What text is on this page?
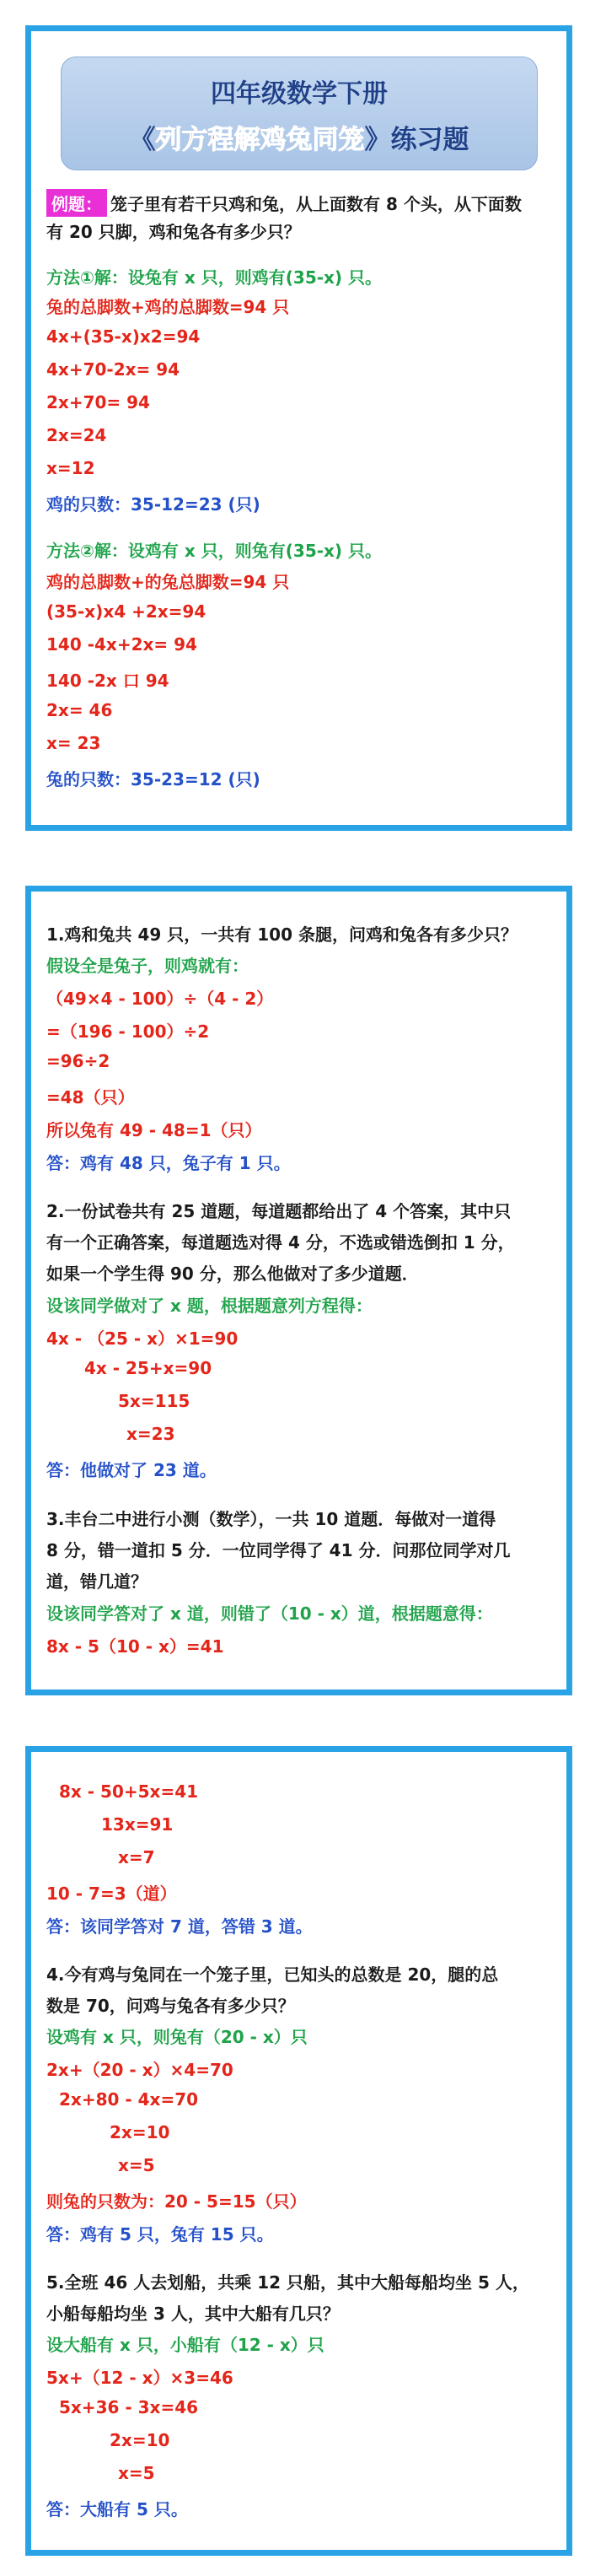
四年级数学下册
《列方程解鸡兔同笼》练习题
例题： 笼子里有若干只鸡和兔，从上面数有 8 个头，从下面数
有 20 只脚，鸡和兔各有多少只？
方法①解：设兔有 x 只，则鸡有(35-x) 只。
兔的总脚数+鸡的总脚数=94 只
4x+(35-x)x2=94
4x+70-2x= 94
2x+70= 94
2x=24
x=12
鸡的只数：35-12=23 (只)
方法②解：设鸡有 x 只，则兔有(35-x) 只。
鸡的总脚数+的兔总脚数=94 只
(35-x)x4 +2x=94
140 -4x+2x= 94
140 -2x 口 94
2x= 46
x= 23
兔的只数：35-23=12 (只)
1.鸡和兔共 49 只，一共有 100 条腿，问鸡和兔各有多少只？
假设全是兔子，则鸡就有：
（49×4 - 100）÷（4 - 2）
=（196 - 100）÷2
=96÷2
=48（只）
所以兔有 49 - 48=1（只）
答：鸡有 48 只，兔子有 1 只。
2.一份试卷共有 25 道题，每道题都给出了 4 个答案，其中只
有一个正确答案，每道题选对得 4 分，不选或错选倒扣 1 分，
如果一个学生得 90 分，那么他做对了多少道题．
设该同学做对了 x 题，根据题意列方程得：
4x - （25 - x）×1=90
4x - 25+x=90
5x=115
x=23
答：他做对了 23 道。
3.丰台二中进行小测（数学），一共 10 道题．每做对一道得
8 分，错一道扣 5 分．一位同学得了 41 分．问那位同学对几
道，错几道？
设该同学答对了 x 道，则错了（10 - x）道，根据题意得：
8x - 5（10 - x）=41
8x - 50+5x=41
13x=91
x=7
10 - 7=3（道）
答：该同学答对 7 道，答错 3 道。
4.今有鸡与兔同在一个笼子里，已知头的总数是 20，腿的总
数是 70，问鸡与兔各有多少只？
设鸡有 x 只，则兔有（20 - x）只
2x+（20 - x）×4=70
2x+80 - 4x=70
2x=10
x=5
则兔的只数为：20 - 5=15（只）
答：鸡有 5 只，兔有 15 只。
5.全班 46 人去划船，共乘 12 只船，其中大船每船均坐 5 人，
小船每船均坐 3 人，其中大船有几只？
设大船有 x 只，小船有（12 - x）只
5x+（12 - x）×3=46
5x+36 - 3x=46
2x=10
x=5
答：大船有 5 只。
